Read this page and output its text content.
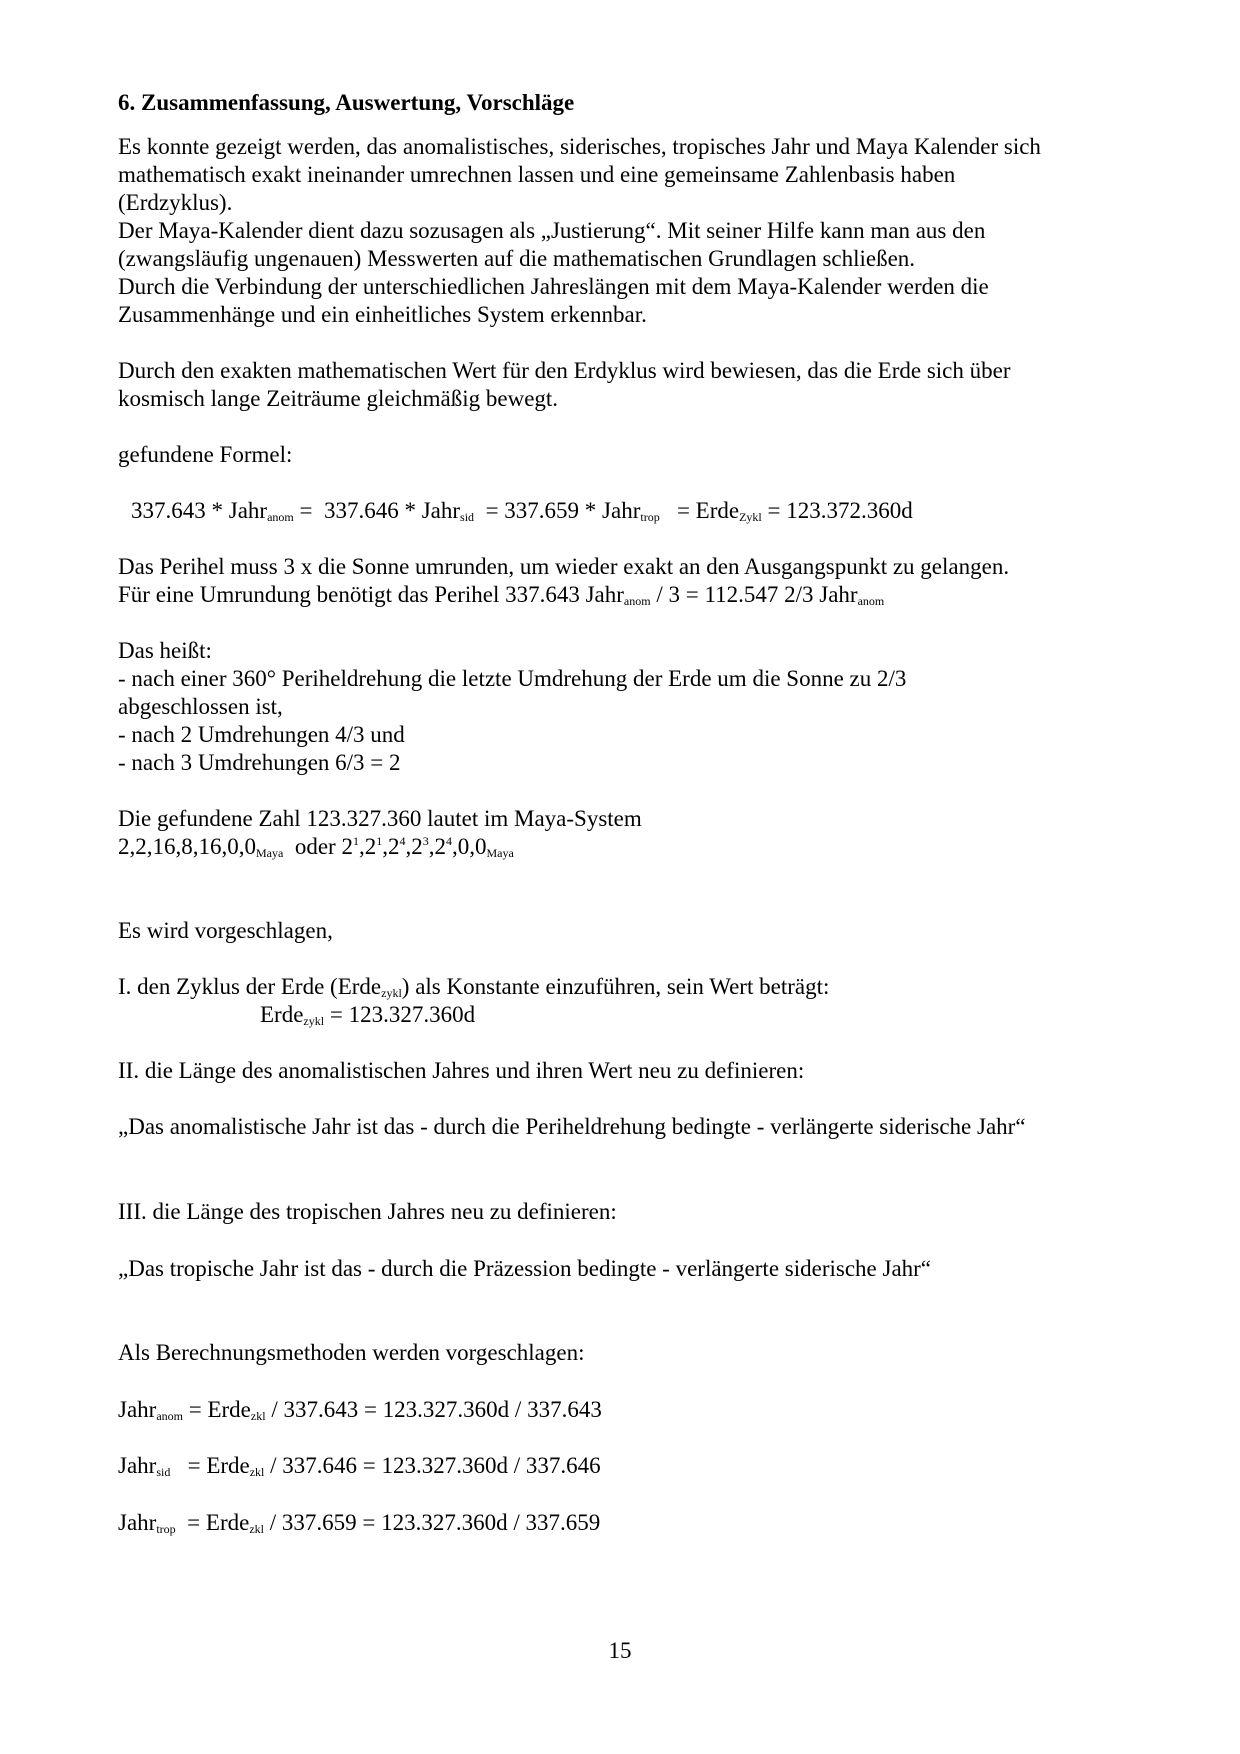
6. Zusammenfassung, Auswertung, Vorschläge
Es konnte gezeigt werden, das anomalistisches, siderisches, tropisches Jahr und Maya Kalender sich
mathematisch exakt ineinander umrechnen lassen und eine gemeinsame Zahlenbasis haben
(Erdzyklus).
Der Maya-Kalender dient dazu sozusagen als „Justierung“. Mit seiner Hilfe kann man aus den
(zwangsläufig ungenauen) Messwerten auf die mathematischen Grundlagen schließen.
Durch die Verbindung der unterschiedlichen Jahreslängen mit dem Maya-Kalender werden die
Zusammenhänge und ein einheitliches System erkennbar.
Durch den exakten mathematischen Wert für den Erdyklus wird bewiesen, das die Erde sich über
kosmisch lange Zeiträume gleichmäßig bewegt.
gefundene Formel:
337.643 * Jahr$_{anom}$ =  337.646 * Jahr$_{sid}$  = 337.659 * Jahr$_{trop}$   = Erde$_{Zykl}$ = 123.372.360d
Das Perihel muss 3 x die Sonne umrunden, um wieder exakt an den Ausgangspunkt zu gelangen.
Für eine Umrundung benötigt das Perihel 337.643 Jahr$_{anom}$ / 3 = 112.547 2/3 Jahr$_{anom}$
Das heißt:
- nach einer 360° Periheldrehung die letzte Umdrehung der Erde um die Sonne zu 2/3
abgeschlossen ist,
- nach 2 Umdrehungen 4/3 und
- nach 3 Umdrehungen 6/3 = 2
Die gefundene Zahl 123.327.360 lautet im Maya-System
$2,2,16,8,16,0,0_{Maya}$  oder $2^1,2^1,2^4,2^3,2^4,0,0_{Maya}$
Es wird vorgeschlagen,
I. den Zyklus der Erde (Erde$_{zykl}$) als Konstante einzuführen, sein Wert beträgt:
Erde$_{zykl}$ = 123.327.360d
II. die Länge des anomalistischen Jahres und ihren Wert neu zu definieren:
„Das anomalistische Jahr ist das - durch die Periheldrehung bedingte - verlängerte siderische Jahr“
III. die Länge des tropischen Jahres neu zu definieren:
„Das tropische Jahr ist das - durch die Präzession bedingte - verlängerte siderische Jahr“
Als Berechnungsmethoden werden vorgeschlagen:
Jahr$_{anom}$ = Erde$_{zkl}$ / 337.643 = 123.327.360d / 337.643
Jahr$_{sid}$   = Erde$_{zkl}$ / 337.646 = 123.327.360d / 337.646
Jahr$_{trop}$  = Erde$_{zkl}$ / 337.659 = 123.327.360d / 337.659
15
